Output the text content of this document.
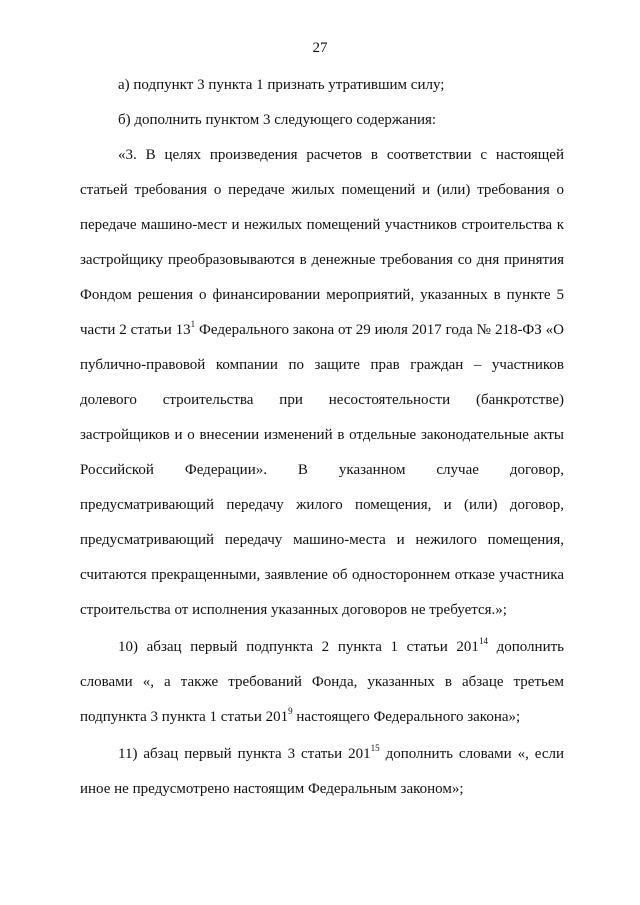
27

а) подпункт 3 пункта 1 признать утратившим силу;

б) дополнить пунктом 3 следующего содержания:

«3. В целях произведения расчетов в соответствии с настоящей статьей требования о передаче жилых помещений и (или) требования о передаче машино-мест и нежилых помещений участников строительства к застройщику преобразовываются в денежные требования со дня принятия Фондом решения о финансировании мероприятий, указанных в пункте 5 части 2 статьи $13^1$ Федерального закона от 29 июля 2017 года № 218-ФЗ «О публично-правовой компании по защите прав граждан – участников долевого строительства при несостоятельности (банкротстве) застройщиков и о внесении изменений в отдельные законодательные акты Российской Федерации». В указанном случае договор, предусматривающий передачу жилого помещения, и (или) договор, предусматривающий передачу машино-места и нежилого помещения, считаются прекращенными, заявление об одностороннем отказе участника строительства от исполнения указанных договоров не требуется.»;

10) абзац первый подпункта 2 пункта 1 статьи $201^{14}$ дополнить словами «, а также требований Фонда, указанных в абзаце третьем подпункта 3 пункта 1 статьи $201^9$ настоящего Федерального закона»;

11) абзац первый пункта 3 статьи $201^{15}$ дополнить словами «, если иное не предусмотрено настоящим Федеральным законом»;
